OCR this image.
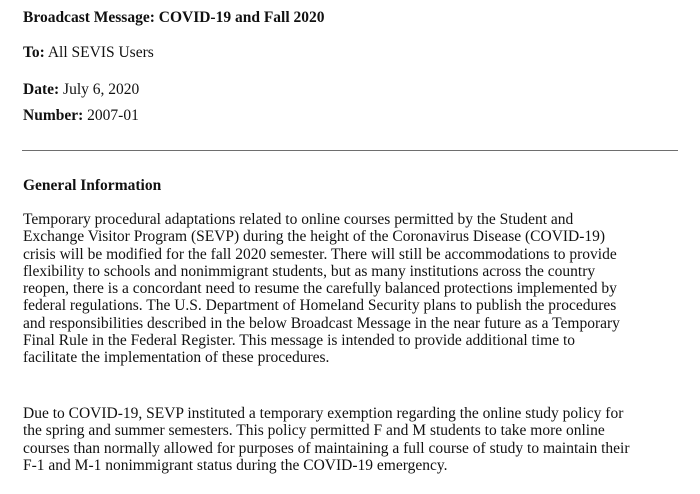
Broadcast Message: COVID-19 and Fall 2020

To: All SEVIS Users

Date: July 6, 2020

Number: 2007-01

General Information

Temporary procedural adaptations related to online courses permitted by the Student and
Exchange Visitor Program (SEVP) during the height of the Coronavirus Disease (COVID-19)
crisis will be modified for the fall 2020 semester. There will still be accommodations to provide
flexibility to schools and nonimmigrant students, but as many institutions across the country
reopen, there is a concordant need to resume the carefully balanced protections implemented by
federal regulations. The U.S. Department of Homeland Security plans to publish the procedures
and responsibilities described in the below Broadcast Message in the near future as a Temporary
Final Rule in the Federal Register. This message is intended to provide additional time to
facilitate the implementation of these procedures.
Due to COVID-19, SEVP instituted a temporary exemption regarding the online study policy for
the spring and summer semesters. This policy permitted F and M students to take more online
courses than normally allowed for purposes of maintaining a full course of study to maintain their
F-1 and M-1 nonimmigrant status during the COVID-19 emergency.
